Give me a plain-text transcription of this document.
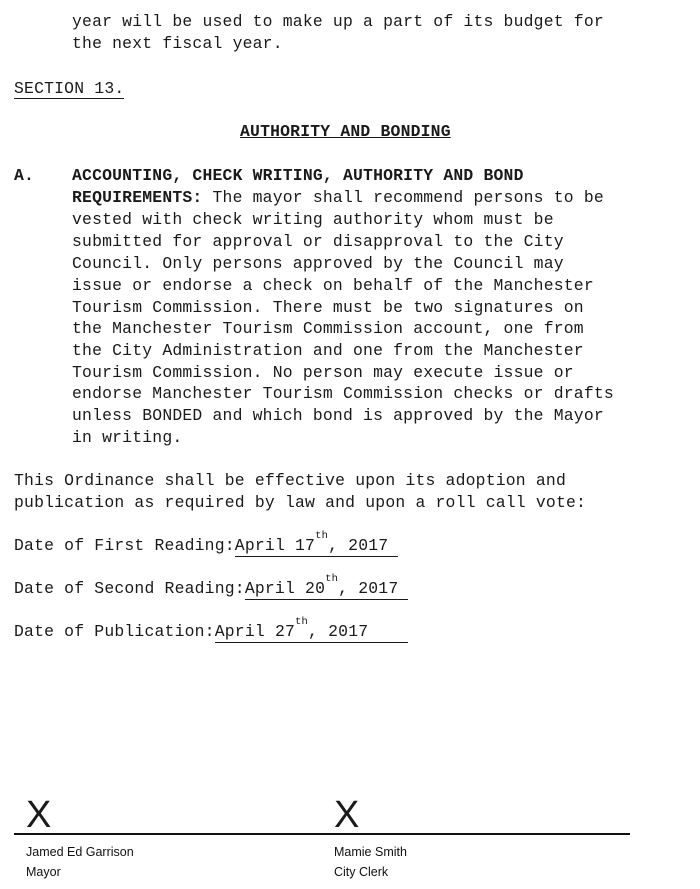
year will be used to make up a part of its budget for
the next fiscal year.
SECTION 13.
AUTHORITY AND BONDING
A. ACCOUNTING, CHECK WRITING, AUTHORITY AND BOND
REQUIREMENTS: The mayor shall recommend persons to be
vested with check writing authority whom must be
submitted for approval or disapproval to the City
Council. Only persons approved by the Council may
issue or endorse a check on behalf of the Manchester
Tourism Commission. There must be two signatures on
the Manchester Tourism Commission account, one from
the City Administration and one from the Manchester
Tourism Commission. No person may execute issue or
endorse Manchester Tourism Commission checks or drafts
unless BONDED and which bond is approved by the Mayor
in writing.
This Ordinance shall be effective upon its adoption and
publication as required by law and upon a roll call vote:
Date of First Reading:April 17th, 2017
Date of Second Reading:April 20th, 2017
Date of Publication:April 27th, 2017
X	X
Jamed Ed Garrison
Mayor
Mamie Smith
City Clerk
